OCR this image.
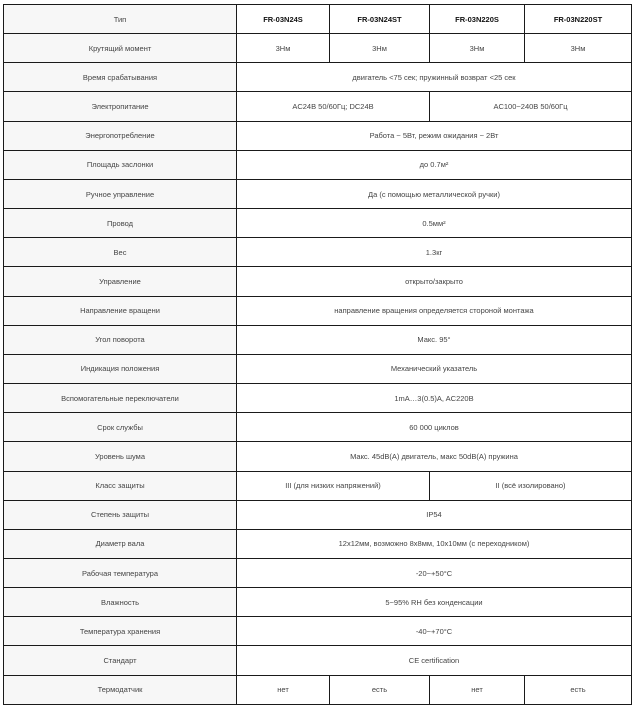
Тип	FR-03N24S	FR-03N24ST	FR-03N220S	FR-03N220ST
Крутящий момент	3Нм	3Нм	3Нм	3Нм
Время срабатывания	двигатель <75 сек; пружинный возврат <25 сек			
Электропитание	AC24В 50/60Гц; DC24В		AC100~240В 50/60Гц	
Энергопотребление	Работа ~ 5Вт, режим ожидания ~ 2Вт			
Площадь заслонки	до 0.7м²			
Ручное управление	Да (с помощью металлической ручки)			
Провод	0.5мм²			
Вес	1.3кг			
Управление	открыто/закрыто			
Направление вращени	направление вращения определяется стороной монтажа			
Угол поворота	Макс. 95°			
Индикация положения	Механический указатель			
Вспомогательные переключатели	1mA…3(0.5)A, AC220В			
Срок службы	60 000 циклов			
Уровень шума	Макс. 45dB(A) двигатель, макс 50dB(A) пружина			
Класс защиты	III (для низких напряжений)		II (всё изолировано)	
Степень защиты	IP54			
Диаметр вала	12x12мм, возможно 8x8мм, 10x10мм (с переходником)			
Рабочая температура	-20~+50°C			
Влажность	5~95% RH без конденсации			
Температура хранения	-40~+70°C			
Стандарт	CE certification			
Термодатчик	нет	есть	нет	есть
